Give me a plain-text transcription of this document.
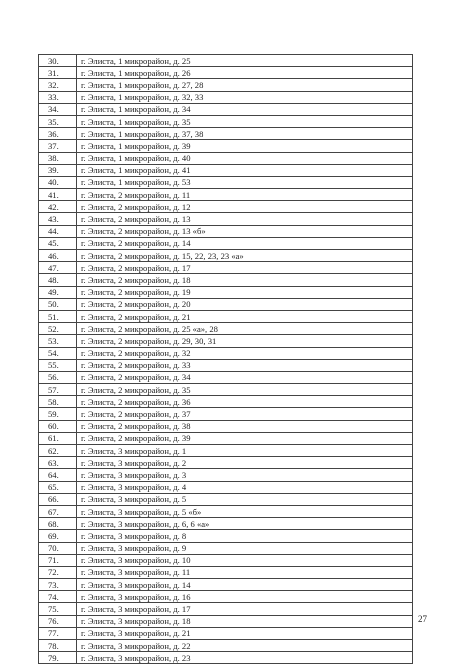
30.	г. Элиста, 1 микрорайон, д. 25
31.	г. Элиста, 1 микрорайон, д. 26
32.	г. Элиста, 1 микрорайон, д. 27, 28
33.	г. Элиста, 1 микрорайон, д. 32, 33
34.	г. Элиста, 1 микрорайон, д. 34
35.	г. Элиста, 1 микрорайон, д. 35
36.	г. Элиста, 1 микрорайон, д. 37, 38
37.	г. Элиста, 1 микрорайон, д. 39
38.	г. Элиста, 1 микрорайон, д. 40
39.	г. Элиста, 1 микрорайон, д. 41
40.	г. Элиста, 1 микрорайон, д. 53
41.	г. Элиста, 2 микрорайон, д. 11
42.	г. Элиста, 2 микрорайон, д. 12
43.	г. Элиста, 2 микрорайон, д. 13
44.	г. Элиста, 2 микрорайон, д. 13 «б»
45.	г. Элиста, 2 микрорайон, д. 14
46.	г. Элиста, 2 микрорайон, д. 15, 22, 23, 23 «а»
47.	г. Элиста, 2 микрорайон, д. 17
48.	г. Элиста, 2 микрорайон, д. 18
49.	г. Элиста, 2 микрорайон, д. 19
50.	г. Элиста, 2 микрорайон, д. 20
51.	г. Элиста, 2 микрорайон, д. 21
52.	г. Элиста, 2 микрорайон, д. 25 «а», 28
53.	г. Элиста, 2 микрорайон, д. 29, 30, 31
54.	г. Элиста, 2 микрорайон, д. 32
55.	г. Элиста, 2 микрорайон, д. 33
56.	г. Элиста, 2 микрорайон, д. 34
57.	г. Элиста, 2 микрорайон, д. 35
58.	г. Элиста, 2 микрорайон, д. 36
59.	г. Элиста, 2 микрорайон, д. 37
60.	г. Элиста, 2 микрорайон, д. 38
61.	г. Элиста, 2 микрорайон, д. 39
62.	г. Элиста, 3 микрорайон, д. 1
63.	г. Элиста, 3 микрорайон, д. 2
64.	г. Элиста, 3 микрорайон, д. 3
65.	г. Элиста, 3 микрорайон, д. 4
66.	г. Элиста, 3 микрорайон, д. 5
67.	г. Элиста, 3 микрорайон, д. 5 «б»
68.	г. Элиста, 3 микрорайон, д. 6, 6 «а»
69.	г. Элиста, 3 микрорайон, д. 8
70.	г. Элиста, 3 микрорайон, д. 9
71.	г. Элиста, 3 микрорайон, д. 10
72.	г. Элиста, 3 микрорайон, д. 11
73.	г. Элиста, 3 микрорайон, д. 14
74.	г. Элиста, 3 микрорайон, д. 16
75.	г. Элиста, 3 микрорайон, д. 17
76.	г. Элиста, 3 микрорайон, д. 18
77.	г. Элиста, 3 микрорайон, д. 21
78.	г. Элиста, 3 микрорайон, д. 22
79.	г. Элиста, 3 микрорайон, д. 23
27
